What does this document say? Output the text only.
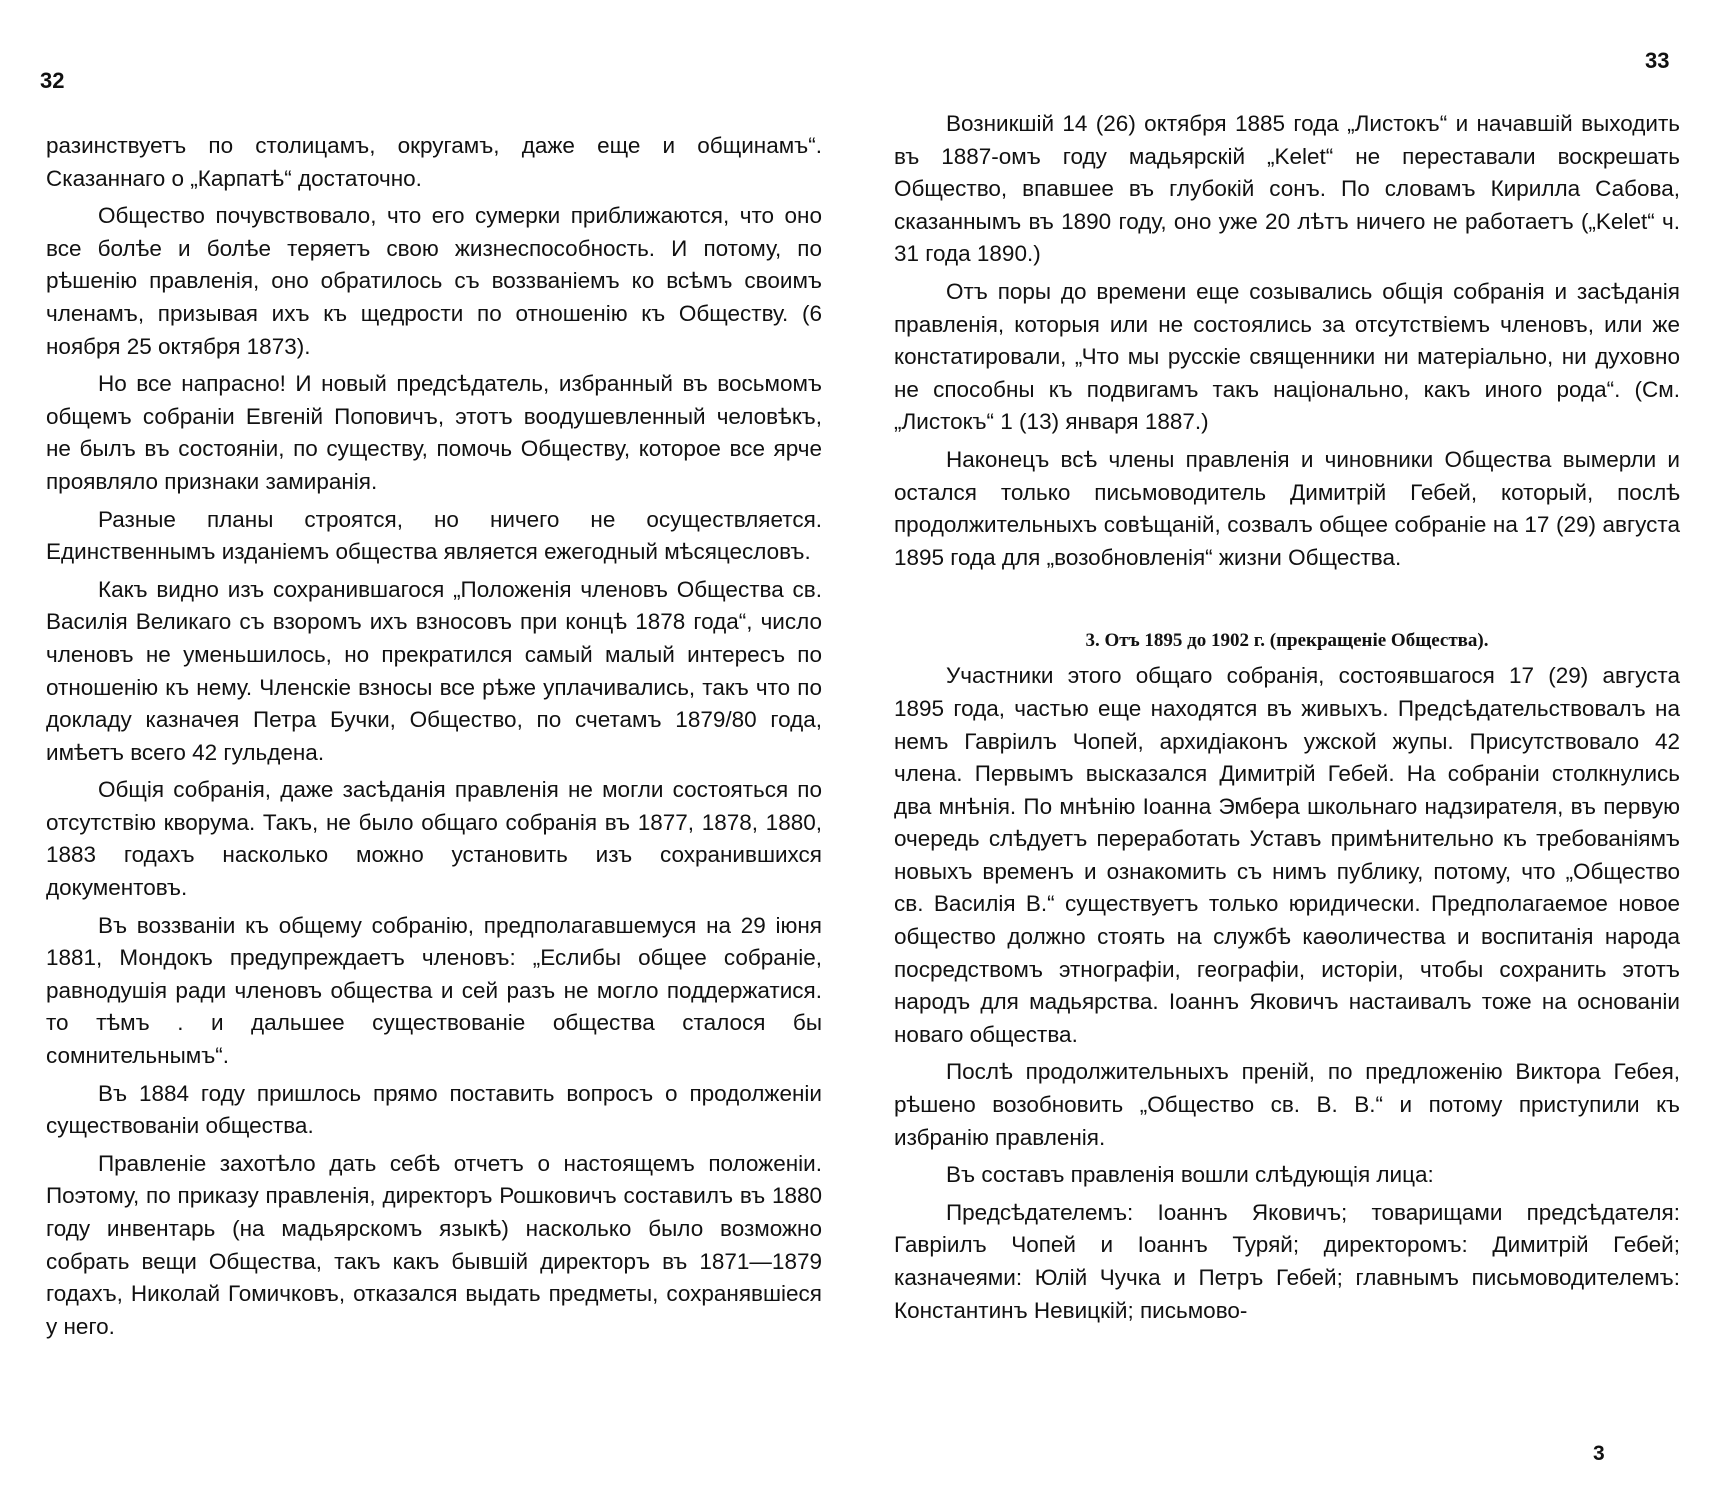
32

разинствуетъ по столицамъ, округамъ, даже еще и общинамъ“. Сказаннаго о „Карпатѣ“ достаточно.

Общество почувствовало, что его сумерки приближаются, что оно все болѣе и болѣе теряетъ свою жизнеспособность. И потому, по рѣшенію правленія, оно обратилось съ воззваніемъ ко всѣмъ своимъ членамъ, призывая ихъ къ щедрости по отношенію къ Обществу. (6 ноября 25 октября 1873).

Но все напрасно! И новый предсѣдатель, избранный въ восьмомъ общемъ собраніи Евгеній Поповичъ, этотъ воодушевленный человѣкъ, не былъ въ состояніи, по существу, помочь Обществу, которое все ярче проявляло признаки замиранія.

Разные планы строятся, но ничего не осуществляется. Единственнымъ изданіемъ общества является ежегодный мѣсяцесловъ.

Какъ видно изъ сохранившагося „Положенія членовъ Общества св. Василія Великаго съ взоромъ ихъ взносовъ при концѣ 1878 года“, число членовъ не уменьшилось, но прекратился самый малый интересъ по отношенію къ нему. Членскіе взносы все рѣже уплачивались, такъ что по докладу казначея Петра Бучки, Общество, по счетамъ 1879/80 года, имѣетъ всего 42 гульдена.

Общія собранія, даже засѣданія правленія не могли состояться по отсутствію кворума. Такъ, не было общаго собранія въ 1877, 1878, 1880, 1883 годахъ насколько можно установить изъ сохранившихся документовъ.

Въ воззваніи къ общему собранію, предполагавшемуся на 29 іюня 1881, Мондокъ предупреждаетъ членовъ: „Еслибы общее собраніе, равнодушія ради членовъ общества и сей разъ не могло поддержатися. то тѣмъ . и дальшее существованіе общества сталося бы сомнительнымъ“.

Въ 1884 году пришлось прямо поставить вопросъ о продолженіи существованіи общества.

Правленіе захотѣло дать себѣ отчетъ о настоящемъ положеніи. Поэтому, по приказу правленія, директоръ Рошковичъ составилъ въ 1880 году инвентарь (на мадьярскомъ языкѣ) насколько было возможно собрать вещи Общества, такъ какъ бывшій директоръ въ 1871—1879 годахъ, Николай Гомичковъ, отказался выдать предметы, сохранявшіеся у него.

33

Возникшій 14 (26) октября 1885 года „Листокъ“ и начавшій выходить въ 1887-омъ году мадьярскій „Kelet“ не переставали воскрешать Общество, впавшее въ глубокій сонъ. По словамъ Кирилла Сабова, сказаннымъ въ 1890 году, оно уже 20 лѣтъ ничего не работаетъ („Kelet“ ч. 31 года 1890.)

Отъ поры до времени еще созывались общія собранія и засѣданія правленія, которыя или не состоялись за отсутствіемъ членовъ, или же констатировали, „Что мы русскіе священники ни матеріально, ни духовно не способны къ подвигамъ такъ національно, какъ иного рода“. (См. „Листокъ“ 1 (13) января 1887.)

Наконецъ всѣ члены правленія и чиновники Общества вымерли и остался только письмоводитель Димитрій Гебей, который, послѣ продолжительныхъ совѣщаній, созвалъ общее собраніе на 17 (29) августа 1895 года для „возобновленія“ жизни Общества.

3. Отъ 1895 до 1902 г. (прекращеніе Общества).

Участники этого общаго собранія, состоявшагося 17 (29) августа 1895 года, частью еще находятся въ живыхъ. Предсѣдательствовалъ на немъ Гавріилъ Чопей, архидіаконъ ужской жупы. Присутствовало 42 члена. Первымъ высказался Димитрій Гебей. На собраніи столкнулись два мнѣнія. По мнѣнію Іоанна Эмбера школьнаго надзирателя, въ первую очередь слѣдуетъ переработать Уставъ примѣнительно къ требованіямъ новыхъ временъ и ознакомить съ нимъ публику, потому, что „Общество св. Василія В.“ существуетъ только юридически. Предполагаемое новое общество должно стоять на службѣ каѳоличества и воспитанія народа посредствомъ этнографіи, географіи, исторіи, чтобы сохранить этотъ народъ для мадьярства. Іоаннъ Яковичъ настаивалъ тоже на основаніи новаго общества.

Послѣ продолжительныхъ преній, по предложенію Виктора Гебея, рѣшено возобновить „Общество св. В. В.“ и потому приступили къ избранію правленія.

Въ составъ правленія вошли слѣдующія лица:

Предсѣдателемъ: Іоаннъ Яковичъ; товарищами предсѣдателя: Гавріилъ Чопей и Іоаннъ Туряй; директоромъ: Димитрій Гебей; казначеями: Юлій Чучка и Петръ Гебей; главнымъ письмоводителемъ: Константинъ Невицкій; письмово-

3
